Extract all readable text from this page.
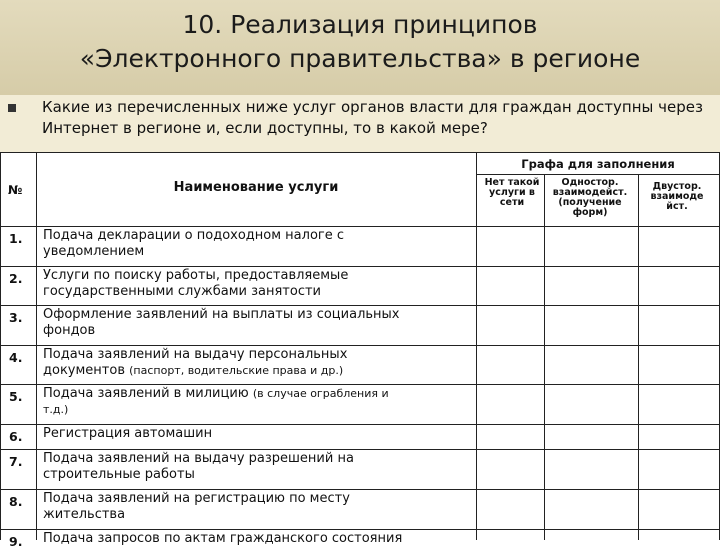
10. Реализация принципов
«Электронного правительства» в регионе
Какие из перечисленных ниже услуг органов власти для граждан доступны через Интернет в регионе и, если доступны, то в какой мере?
№	Наименование услуги
Графа для заполнения
Нет такой услуги в сети
Одностор. взаимодейст. (получение форм)
Двустор. взаимоде йст.
1. Подача декларации о подоходном налоге с
уведомлением
2. Услуги по поиску работы, предоставляемые
государственными службами занятости
3. Оформление заявлений на выплаты из социальных
фондов
4. Подача заявлений на выдачу персональных
документов (паспорт, водительские права и др.)
5. Подача заявлений в милицию (в случае ограбления и
т.д.)
6. Регистрация автомашин
7. Подача заявлений на выдачу разрешений на
строительные работы
8. Подача заявлений на регистрацию по месту
жительства
9. Подача запросов по актам гражданского состояния
